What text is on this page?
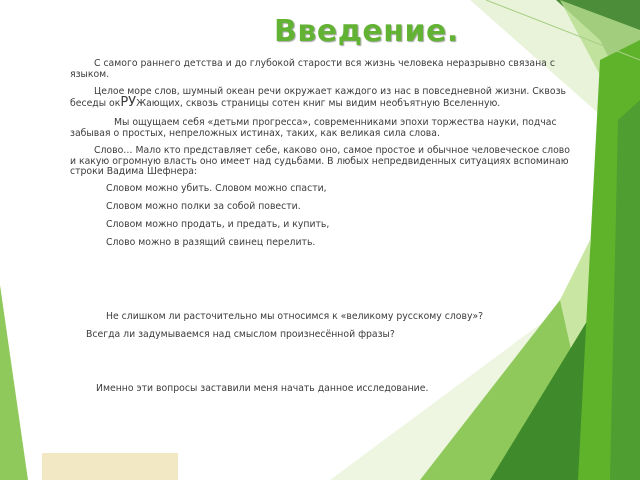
Введение.

С самого раннего детства и до глубокой старости вся жизнь человека неразрывно связана с языком.

Целое море слов, шумный океан речи окружает каждого из нас в повседневной жизни. Сквозь беседы окРУЖающих, сквозь страницы сотен книг мы видим необъятную Вселенную.

Мы ощущаем себя «детьми прогресса», современниками эпохи торжества науки, подчас забывая о простых, непреложных истинах, таких, как великая сила слова.

Слово… Мало кто представляет себе, каково оно, самое простое и обычное человеческое слово и какую огромную власть оно имеет над судьбами. В любых непредвиденных ситуациях вспоминаю строки Вадима Шефнера:

Словом можно убить. Словом можно спасти,

Словом можно полки за собой повести.

Словом можно продать, и предать, и купить,

Слово можно в разящий свинец перелить.

Не слишком ли расточительно мы относимся к «великому русскому слову»?

Всегда ли задумываемся над смыслом произнесённой фразы?

Именно эти вопросы заставили меня начать данное исследование.
